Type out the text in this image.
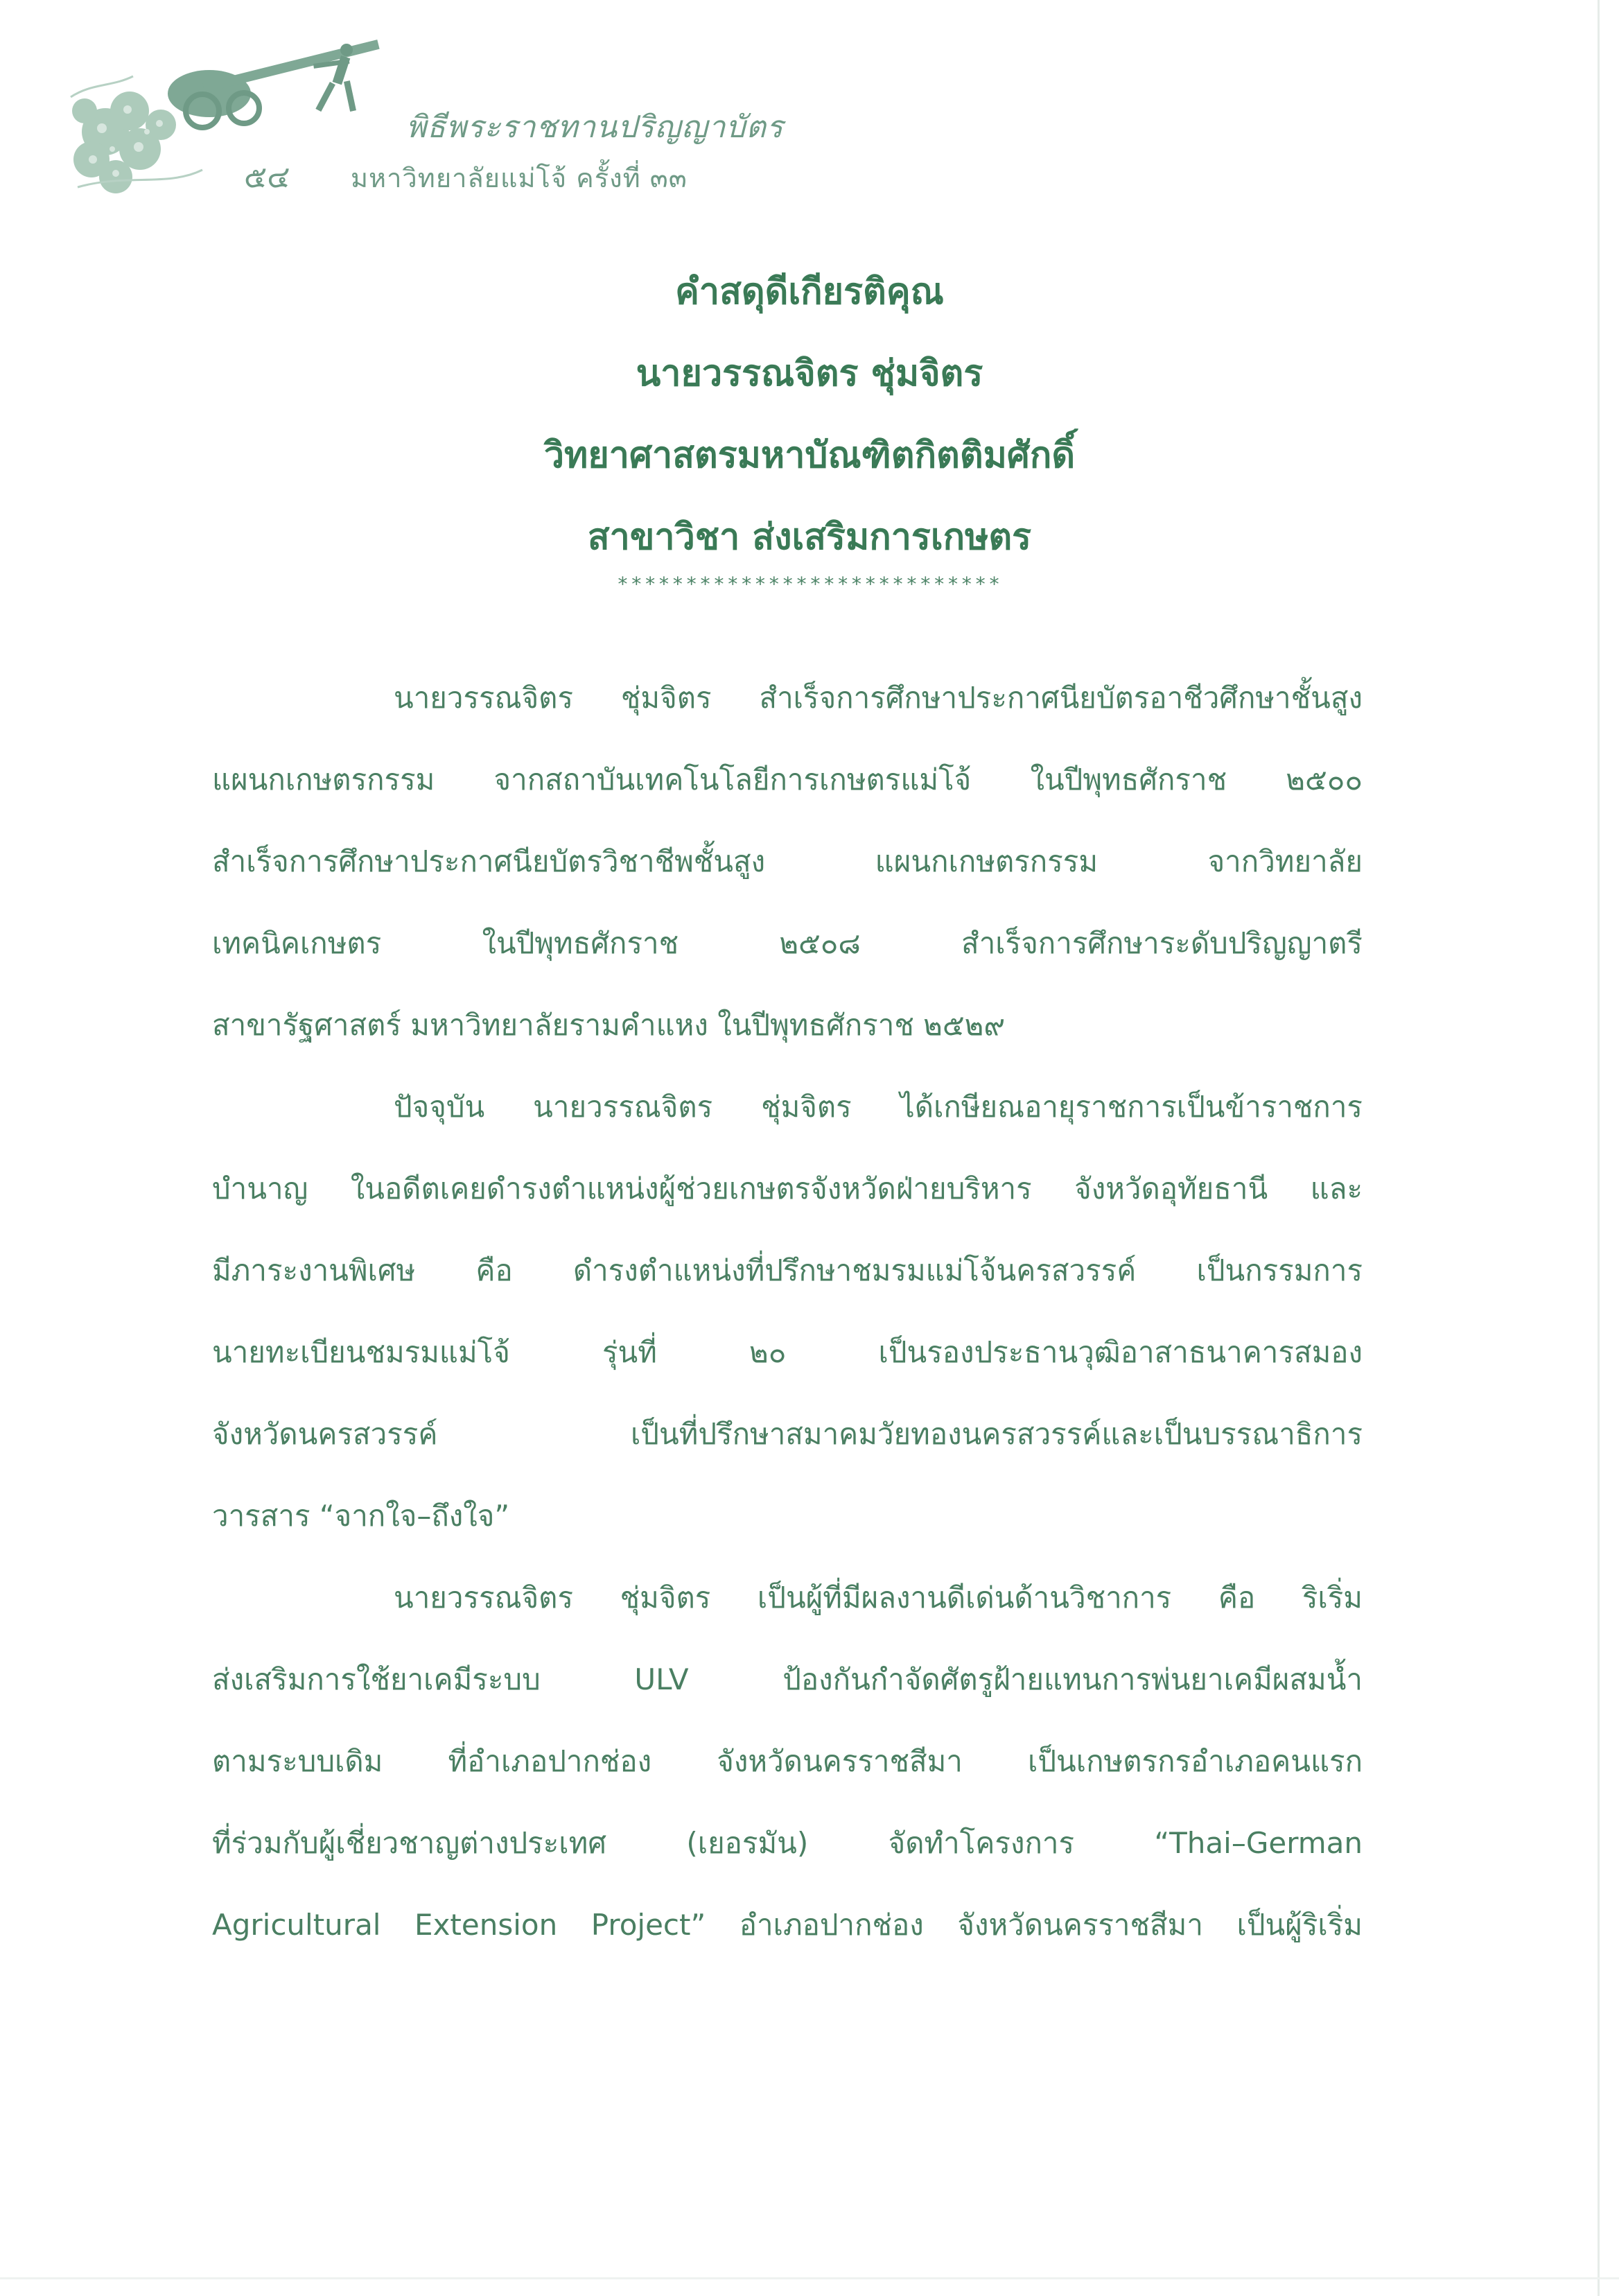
พิธีพระราชทานปริญญาบัตร
๕๔ มหาวิทยาลัยแม่โจ้ ครั้งที่ ๓๓
คำสดุดีเกียรติคุณ
นายวรรณจิตร ชุ่มจิตร
วิทยาศาสตรมหาบัณฑิตกิตติมศักดิ์
สาขาวิชา ส่งเสริมการเกษตร
****************************
นายวรรณจิตร ชุ่มจิตร สำเร็จการศึกษาประกาศนียบัตรอาชีวศึกษาชั้นสูง
แผนกเกษตรกรรม จากสถาบันเทคโนโลยีการเกษตรแม่โจ้ ในปีพุทธศักราช ๒๕๐๐
สำเร็จการศึกษาประกาศนียบัตรวิชาชีพชั้นสูง แผนกเกษตรกรรม จากวิทยาลัย
เทคนิคเกษตร ในปีพุทธศักราช ๒๕๐๘ สำเร็จการศึกษาระดับปริญญาตรี
สาขารัฐศาสตร์ มหาวิทยาลัยรามคำแหง ในปีพุทธศักราช ๒๕๒๙
ปัจจุบัน นายวรรณจิตร ชุ่มจิตร ได้เกษียณอายุราชการเป็นข้าราชการ
บำนาญ ในอดีตเคยดำรงตำแหน่งผู้ช่วยเกษตรจังหวัดฝ่ายบริหาร จังหวัดอุทัยธานี และ
มีภาระงานพิเศษ คือ ดำรงตำแหน่งที่ปรึกษาชมรมแม่โจ้นครสวรรค์ เป็นกรรมการ
นายทะเบียนชมรมแม่โจ้ รุ่นที่ ๒๐ เป็นรองประธานวุฒิอาสาธนาคารสมอง
จังหวัดนครสวรรค์ เป็นที่ปรึกษาสมาคมวัยทองนครสวรรค์และเป็นบรรณาธิการ
วารสาร “จากใจ–ถึงใจ”
นายวรรณจิตร ชุ่มจิตร เป็นผู้ที่มีผลงานดีเด่นด้านวิชาการ คือ ริเริ่ม
ส่งเสริมการใช้ยาเคมีระบบ ULV ป้องกันกำจัดศัตรูฝ้ายแทนการพ่นยาเคมีผสมน้ำ
ตามระบบเดิม ที่อำเภอปากช่อง จังหวัดนครราชสีมา เป็นเกษตรกรอำเภอคนแรก
ที่ร่วมกับผู้เชี่ยวชาญต่างประเทศ (เยอรมัน) จัดทำโครงการ “Thai–German
Agricultural Extension Project” อำเภอปากช่อง จังหวัดนครราชสีมา เป็นผู้ริเริ่ม
